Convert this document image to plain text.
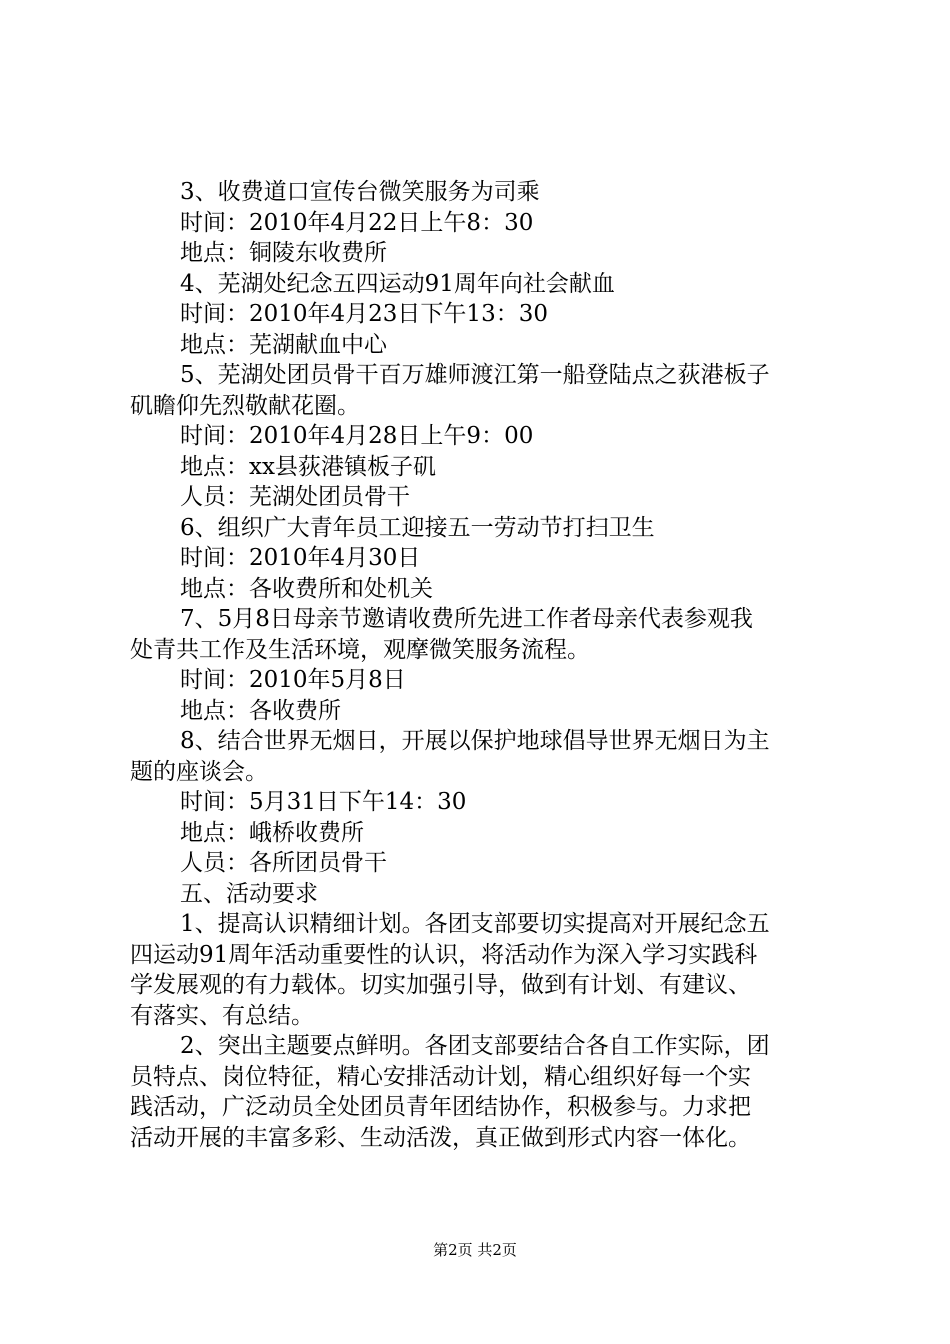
3、收费道口宣传台微笑服务为司乘
时间：2010年4月22日上午8：30
地点：铜陵东收费所
4、芜湖处纪念五四运动91周年向社会献血
时间：2010年4月23日下午13：30
地点：芜湖献血中心
5、芜湖处团员骨干百万雄师渡江第一船登陆点之荻港板子
矶瞻仰先烈敬献花圈。
时间：2010年4月28日上午9：00
地点：xx县荻港镇板子矶
人员：芜湖处团员骨干
6、组织广大青年员工迎接五一劳动节打扫卫生
时间：2010年4月30日
地点：各收费所和处机关
7、5月8日母亲节邀请收费所先进工作者母亲代表参观我
处青共工作及生活环境，观摩微笑服务流程。
时间：2010年5月8日
地点：各收费所
8、结合世界无烟日，开展以保护地球倡导世界无烟日为主
题的座谈会。
时间：5月31日下午14：30
地点：峨桥收费所
人员：各所团员骨干
五、活动要求
1、提高认识精细计划。各团支部要切实提高对开展纪念五
四运动91周年活动重要性的认识，将活动作为深入学习实践科
学发展观的有力载体。切实加强引导，做到有计划、有建议、
有落实、有总结。
2、突出主题要点鲜明。各团支部要结合各自工作实际，团
员特点、岗位特征，精心安排活动计划，精心组织好每一个实
践活动，广泛动员全处团员青年团结协作，积极参与。力求把
活动开展的丰富多彩、生动活泼，真正做到形式内容一体化。
第2页 共2页
